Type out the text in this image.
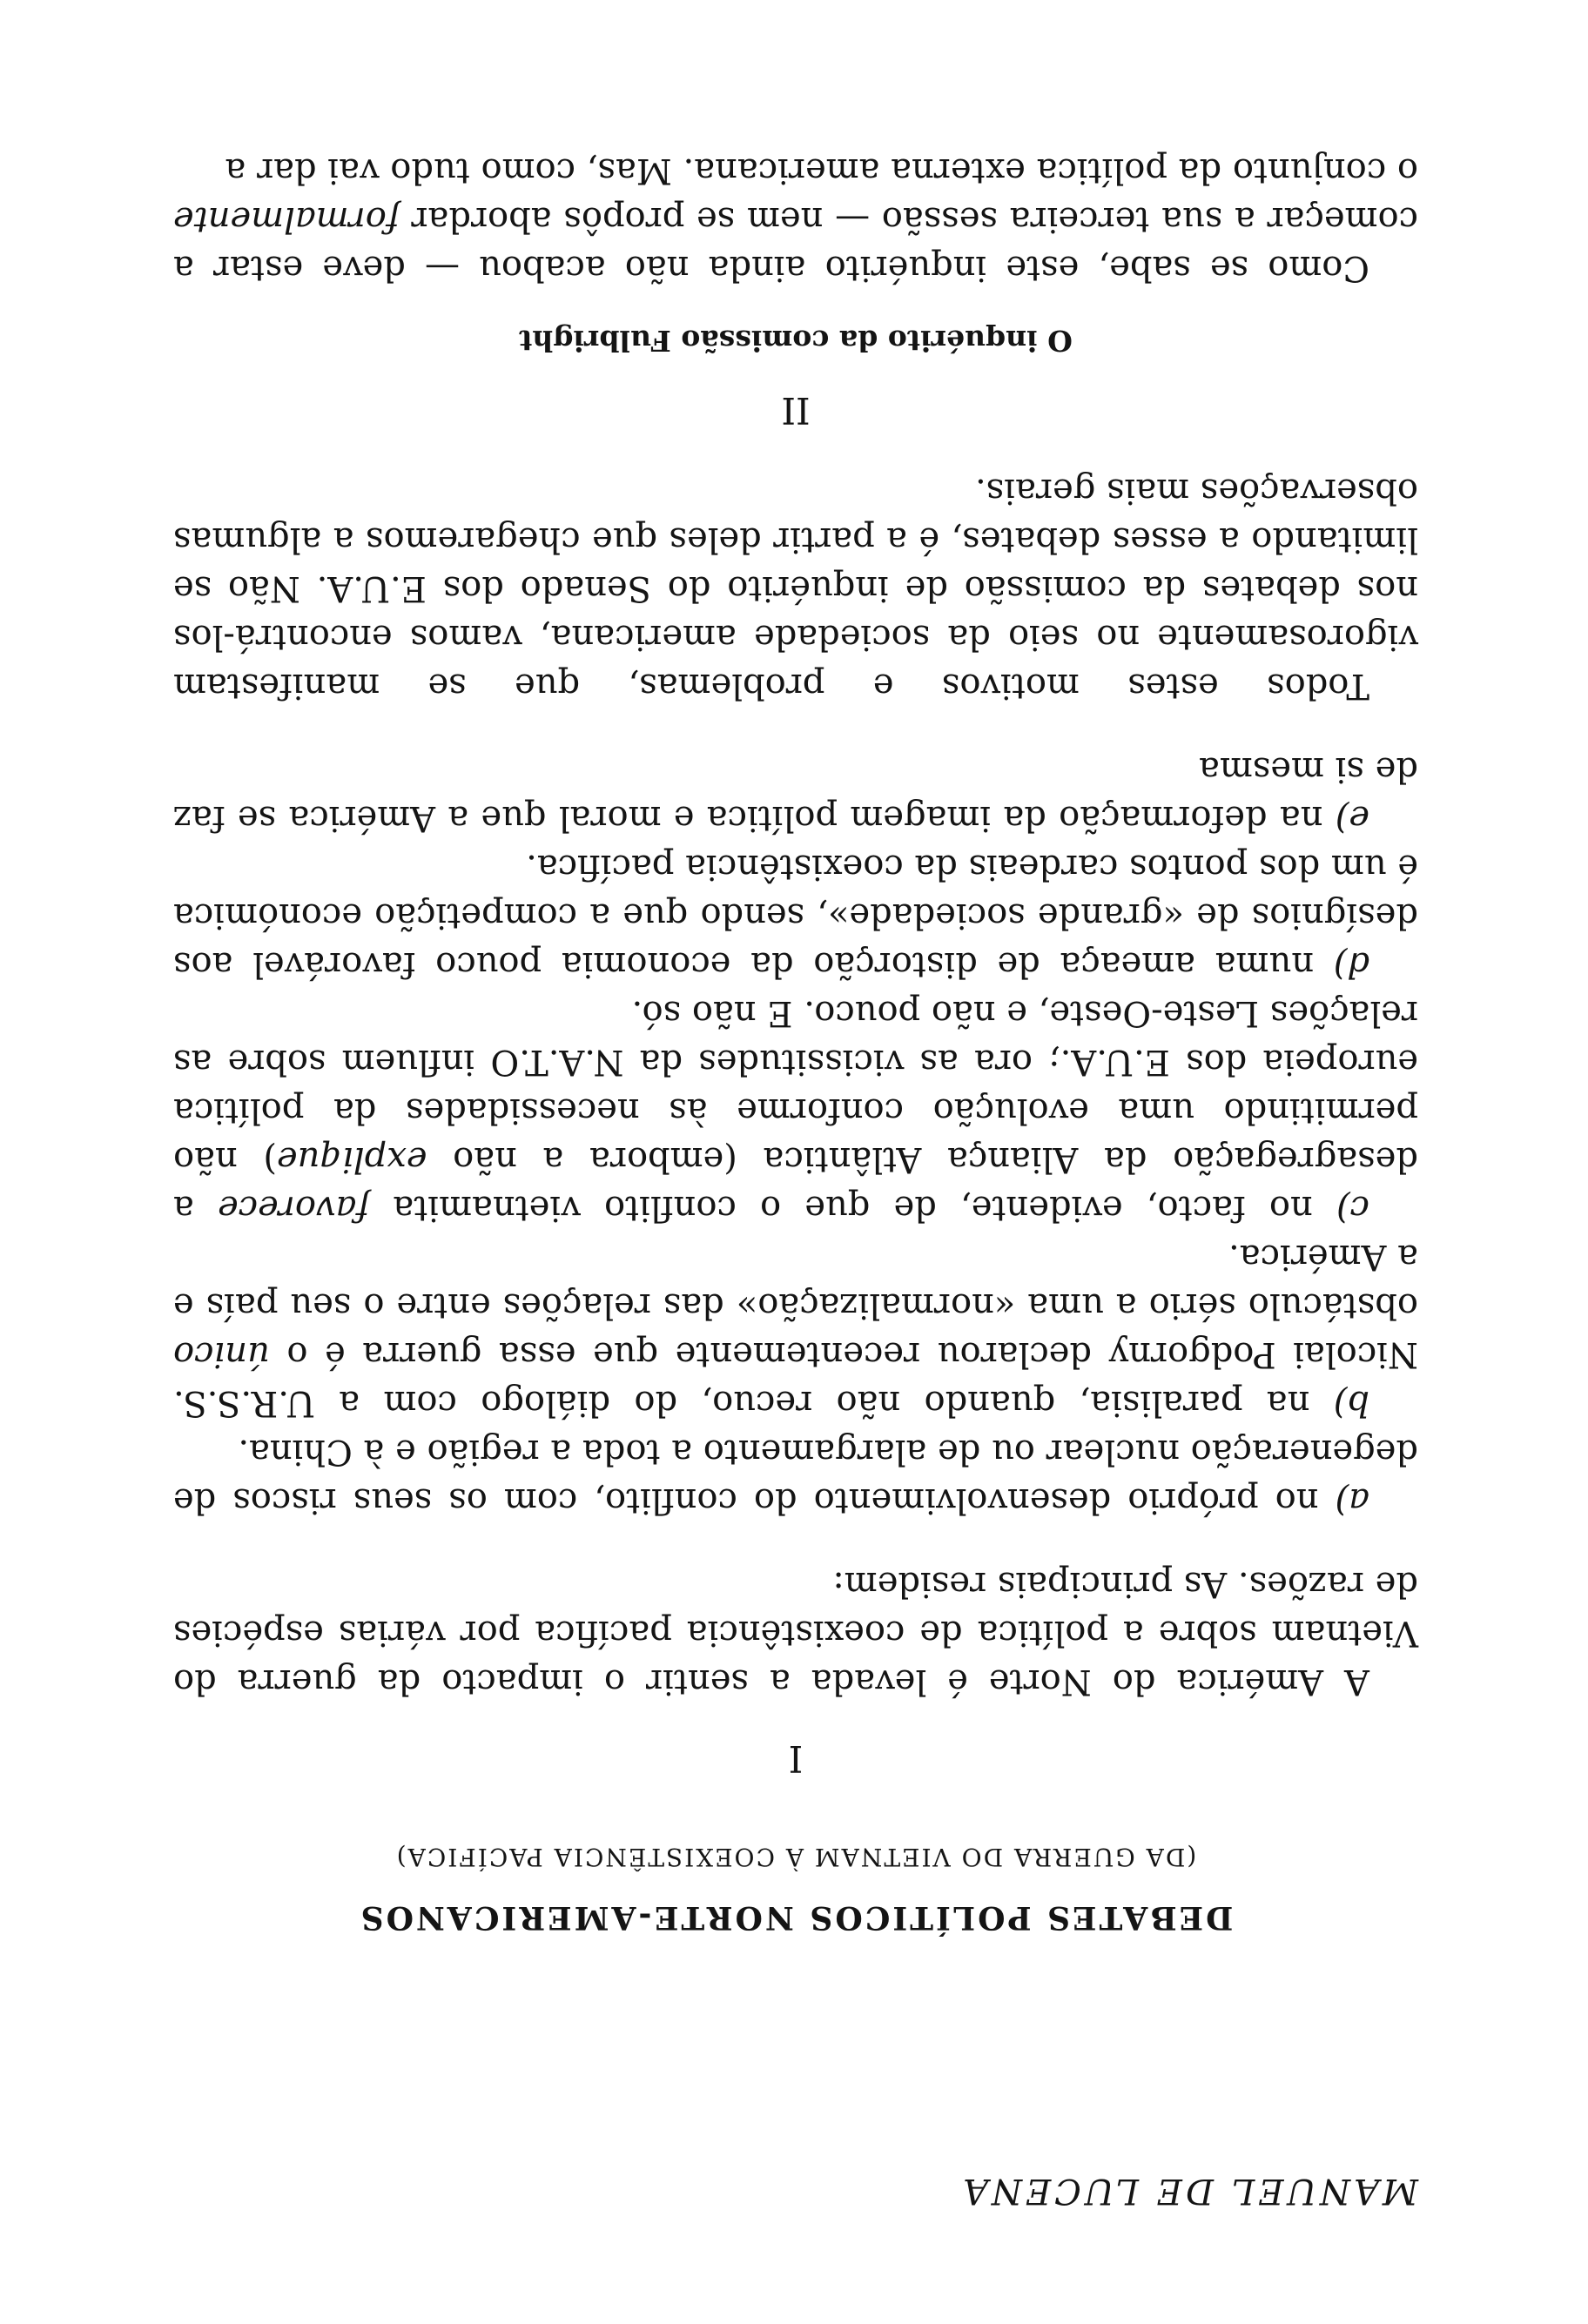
MANUEL DE LUCENA
DEBATES POLÍTICOS NORTE-AMERICANOS
(DA GUERRA DO VIETNAM À COEXISTÊNCIA PACÍFICA)
I

A América do Norte é levada a sentir o impacto da guerra do Vietnam sobre a política de coexistência pacífica por várias espécies de razões. As principais residem:

a) no próprio desenvolvimento do conflito, com os seus riscos de degeneração nuclear ou de alargamento a toda a região e à China.

b) na paralisia, quando não recuo, do diálogo com a U.R.S.S. Nicolai Podgorny declarou recentemente que essa guerra é o único obstáculo sério a uma «normalização» das relações entre o seu país e a América.

c) no facto, evidente, de que o conflito vietnamita favorece a desagregação da Aliança Atlântica (embora a não explique) não permitindo uma evolução conforme às necessidades da política europeia dos E.U.A.; ora as vicissitudes da N.A.T.O influem sobre as relações Leste-Oeste, e não pouco. E não só.

d) numa ameaça de distorção da economia pouco favorável aos desígnios de «grande sociedade», sendo que a competição económica é um dos pontos cardeais da coexistência pacífica.

e) na deformação da imagem política e moral que a América se faz de si mesma

Todos estes motivos e problemas, que se manifestam vigorosamente no seio da sociedade americana, vamos encontrá-los nos debates da comissão de inquérito do Senado dos E.U.A. Não se limitando a esses debates, é a partir deles que chegaremos a algumas observações mais gerais.

II
O inquérito da comissão Fulbright

Como se sabe, este inquérito ainda não acabou — deve estar a começar a sua terceira sessão — nem se propôs abordar formalmente o conjunto da política externa americana. Mas, como tudo vai dar a
